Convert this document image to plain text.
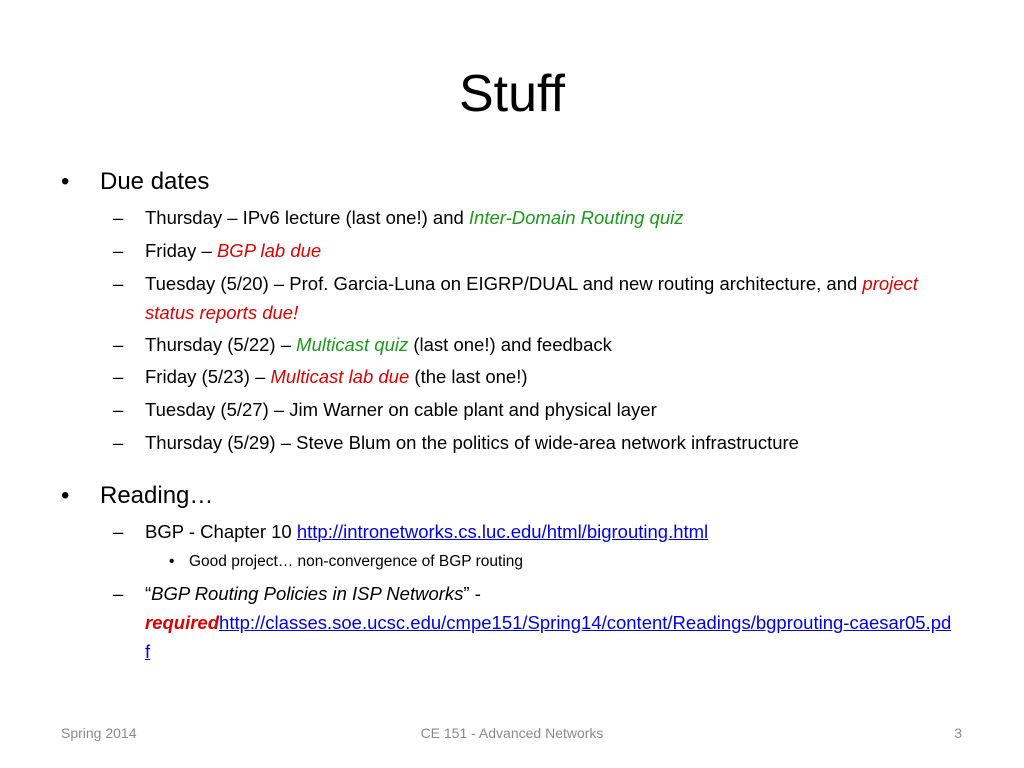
Stuff
• Due dates
– Thursday – IPv6 lecture (last one!) and Inter-Domain Routing quiz
– Friday – BGP lab due
– Tuesday (5/20) – Prof. Garcia-Luna on EIGRP/DUAL and new routing architecture, and project status reports due!
– Thursday (5/22) – Multicast quiz (last one!) and feedback
– Friday (5/23) – Multicast lab due (the last one!)
– Tuesday (5/27) – Jim Warner on cable plant and physical layer
– Thursday (5/29) – Steve Blum on the politics of wide-area network infrastructure
• Reading…
– BGP - Chapter 10 http://intronetworks.cs.luc.edu/html/bigrouting.html
• Good project… non-convergence of BGP routing
– “BGP Routing Policies in ISP Networks” -
requiredhttp://classes.soe.ucsc.edu/cmpe151/Spring14/content/Readings/bgprouting-caesar05.pdf
Spring 2014	CE 151 - Advanced Networks	3
